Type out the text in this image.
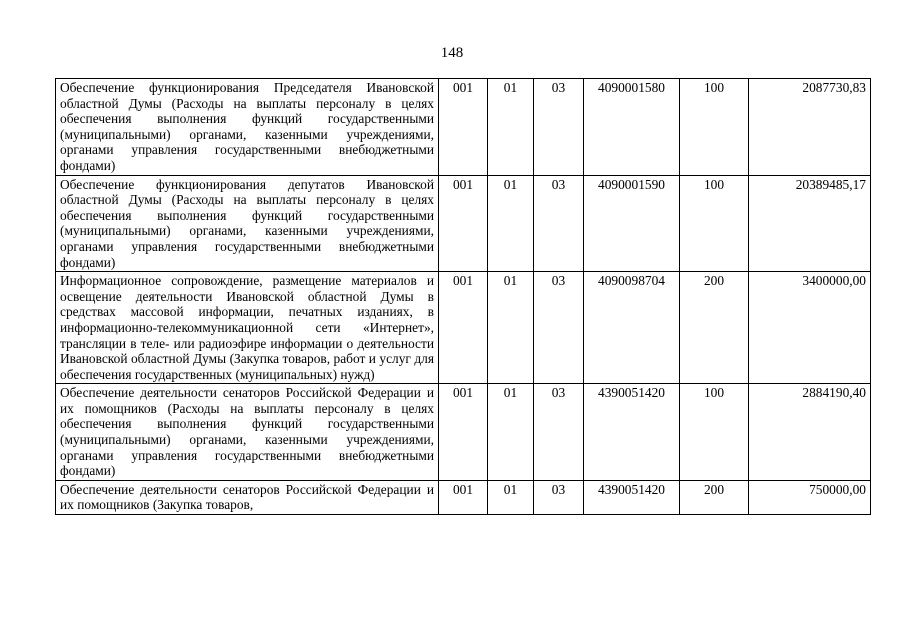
148
Обеспечение функционирования Председателя Ивановской областной Думы (Расходы на выплаты персоналу в целях обеспечения выполнения функций государственными (муниципальными) органами, казенными учреждениями, органами управления государственными внебюджетными фондами)	001	01	03	4090001580	100	2087730,83
Обеспечение функционирования депутатов Ивановской областной Думы (Расходы на выплаты персоналу в целях обеспечения выполнения функций государственными (муниципальными) органами, казенными учреждениями, органами управления государственными внебюджетными фондами)	001	01	03	4090001590	100	20389485,17
Информационное сопровождение, размещение материалов и освещение деятельности Ивановской областной Думы в средствах массовой информации, печатных изданиях, в информационно-телекоммуникационной сети «Интернет», трансляции в теле- или радиоэфире информации о деятельности Ивановской областной Думы (Закупка товаров, работ и услуг для обеспечения государственных (муниципальных) нужд)	001	01	03	4090098704	200	3400000,00
Обеспечение деятельности сенаторов Российской Федерации и их помощников (Расходы на выплаты персоналу в целях обеспечения выполнения функций государственными (муниципальными) органами, казенными учреждениями, органами управления государственными внебюджетными фондами)	001	01	03	4390051420	100	2884190,40
Обеспечение деятельности сенаторов Российской Федерации и их помощников (Закупка товаров,	001	01	03	4390051420	200	750000,00
